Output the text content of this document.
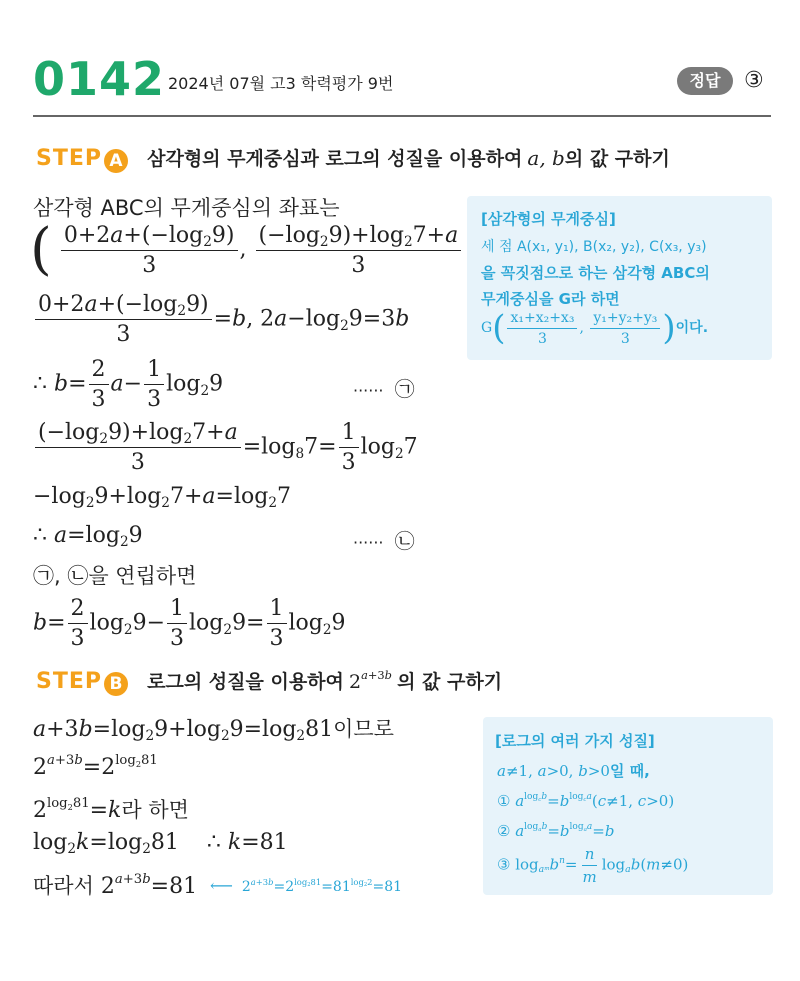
0142 2024년 07월 고3 학력평가 9번	정답	③
STEP A 삼각형의 무게중심과 로그의 성질을 이용하여 a, b의 값 구하기
삼각형 ABC의 무게중심의 좌표는
( $\frac{0+2a+(-\log 29)}{3}$ , $\frac{(-\log 29)+\log 27+a}{3}$
$\frac{0+2a+(-\log 29)}{3} =b$, 2a−log29=3b
∴ $b= \frac{2}{3} a- \frac{1}{3} \log 29$	······ ㉠
$\frac{(-\log 29)+\log 27+a}{3} =\log 87= \frac{1}{3} \log 27$
−log29+log27+a=log27
∴ a=log29	······ ㉡
㉠, ㉡을 연립하면
$b= \frac{2}{3} \log 29- \frac{1}{3} \log 29= \frac{1}{3} \log 29$
[삼각형의 무게중심]
세 점 A(x₁, y₁), B(x₂, y₂), C(x₃, y₃)
을 꼭짓점으로 하는 삼각형 ABC의
무게중심을 G라 하면
$G( \frac{\text{x₁+x₂+x₃}}{3}$ , $\frac{\text{y₁+y₂+y₃}}{3}$ )이다.
STEP B 로그의 성질을 이용하여 $2^{a+3b}$ 의 값 구하기
a+3b=log29+log29=log281이므로
$2^{a+3b}=2^{log281}$
$2^{log281}=k$라 하면
log2k=log281    ∴ k=81
따라서 $2^{a+3b}=81$ ⟵  $2^{a+3b}=2^{log281}=81^{log22}=81$
[로그의 여러 가지 성질]
a≠1, a>0, b>0일 때,
① $a^{logcb}=b^{logca}(c\ne 1$, c>0)
② $a^{logab}=b^{logaa}=b$
③ $\log a^mb^n= \frac{n}{m}$ logab(m≠0)
